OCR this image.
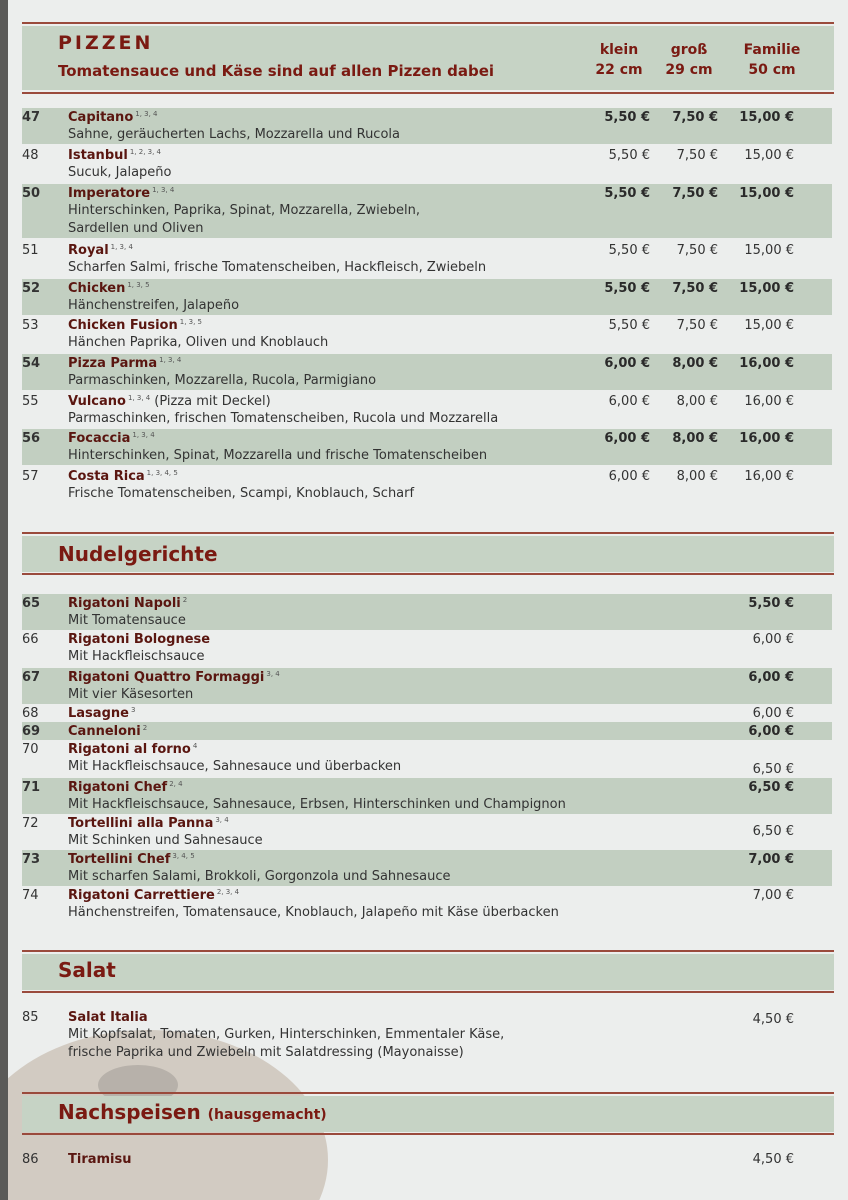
PIZZEN
Tomatensauce und Käse sind auf allen Pizzen dabei
klein
22 cm
groß
29 cm
Familie
50 cm
47	Capitano $^{1, 3, 4}$
Sahne, geräucherten Lachs, Mozzarella und Rucola
5,50 €	7,50 €	15,00 €
48	Istanbul $^{1, 2, 3, 4}$
Sucuk, Jalapeño
5,50 €	7,50 €	15,00 €
50	Imperatore $^{1, 3, 4}$
Hinterschinken, Paprika, Spinat, Mozzarella, Zwiebeln,
Sardellen und Oliven
5,50 €	7,50 €	15,00 €
51	Royal $^{1, 3, 4}$
Scharfen Salmi, frische Tomatenscheiben, Hackfleisch, Zwiebeln
5,50 €	7,50 €	15,00 €
52	Chicken $^{1, 3, 5}$
Hänchenstreifen, Jalapeño
5,50 €	7,50 €	15,00 €
53	Chicken Fusion $^{1, 3, 5}$
Hänchen Paprika, Oliven und Knoblauch
5,50 €	7,50 €	15,00 €
54	Pizza Parma $^{1, 3, 4}$
Parmaschinken, Mozzarella, Rucola, Parmigiano
6,00 €	8,00 €	16,00 €
55	Vulcano $^{1, 3, 4}$ (Pizza mit Deckel)
Parmaschinken, frischen Tomatenscheiben, Rucola und Mozzarella
6,00 €	8,00 €	16,00 €
56	Focaccia $^{1, 3, 4}$
Hinterschinken, Spinat, Mozzarella und frische Tomatenscheiben
6,00 €	8,00 €	16,00 €
57	Costa Rica $^{1, 3, 4, 5}$
Frische Tomatenscheiben, Scampi, Knoblauch, Scharf
6,00 €	8,00 €	16,00 €
Nudelgerichte
65	Rigatoni Napoli $^2$
Mit Tomatensauce
5,50 €
66	Rigatoni Bolognese
Mit Hackfleischsauce
6,00 €
67	Rigatoni Quattro Formaggi $^{3, 4}$
Mit vier Käsesorten
6,00 €
68	Lasagne $^3$	6,00 €
69	Canneloni $^2$	6,00 €
70	Rigatoni al forno $^4$
Mit Hackfleischsauce, Sahnesauce und überbacken	6,50 €
71	Rigatoni Chef $^{2, 4}$
Mit Hackfleischsauce, Sahnesauce, Erbsen, Hinterschinken und Champignon
6,50 €
72	Tortellini alla Panna $^{3, 4}$
Mit Schinken und Sahnesauce
6,50 €
73	Tortellini Chef $^{3, 4, 5}$
Mit scharfen Salami, Brokkoli, Gorgonzola und Sahnesauce
7,00 €
74	Rigatoni Carrettiere $^{2, 3, 4}$
Hänchenstreifen, Tomatensauce, Knoblauch, Jalapeño mit Käse überbacken
7,00 €
Salat
85	Salat Italia
Mit Kopfsalat, Tomaten, Gurken, Hinterschinken, Emmentaler Käse,
frische Paprika und Zwiebeln mit Salatdressing (Mayonaisse)
4,50 €
Nachspeisen (hausgemacht)
86	Tiramisu	4,50 €
